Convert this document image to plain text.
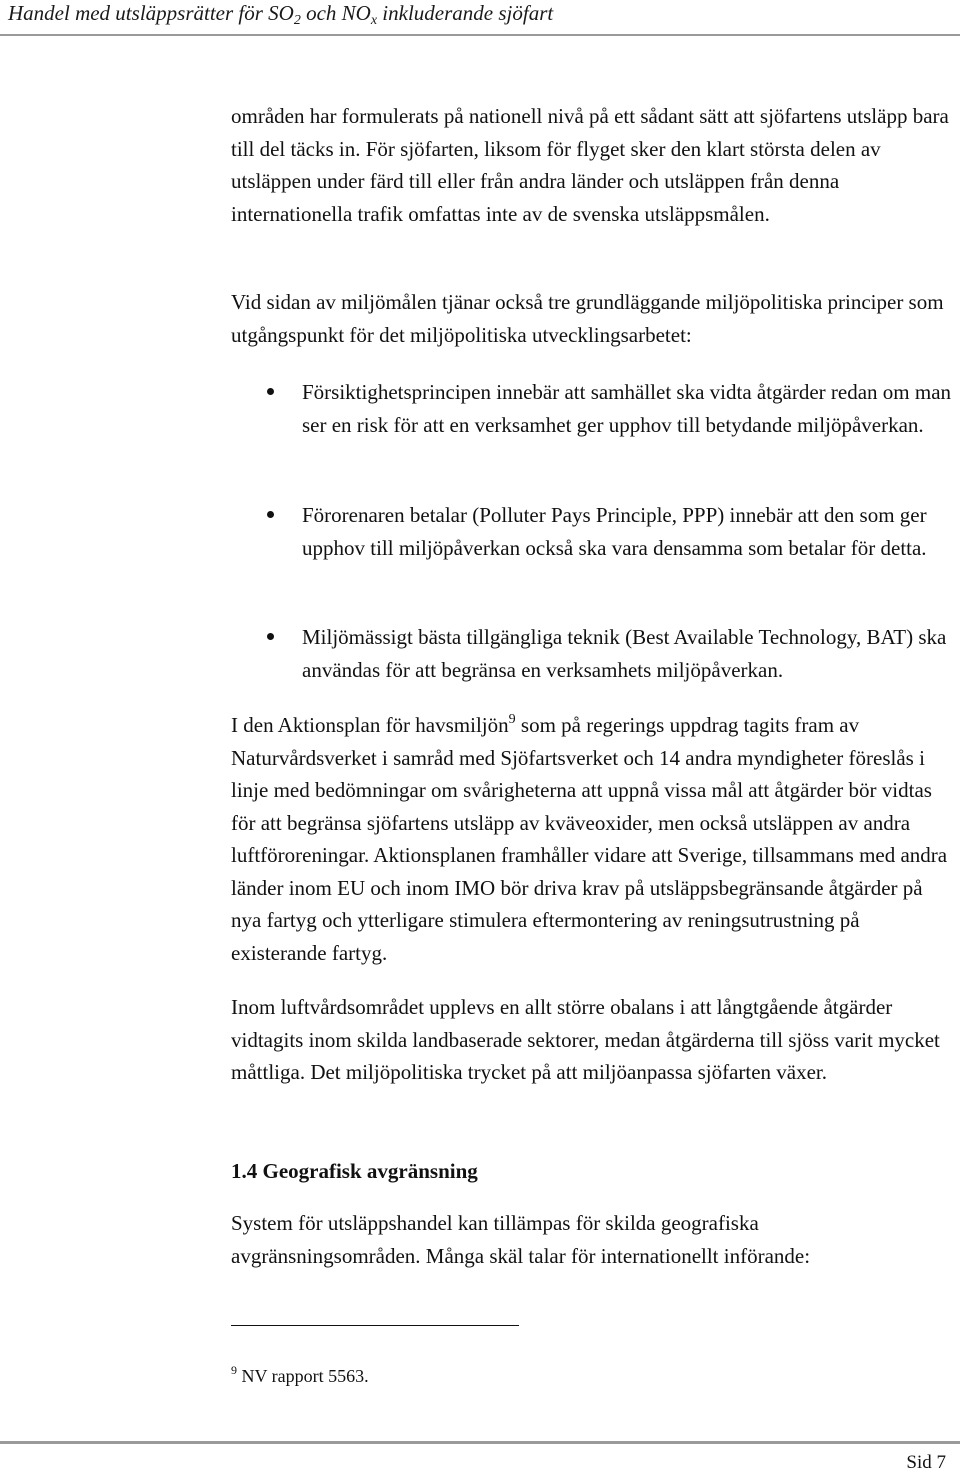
Handel med utsläppsrätter för $SO_2$ och $NO_x$ inkluderande sjöfart

områden har formulerats på nationell nivå på ett sådant sätt att sjöfartens utsläpp bara till del täcks in. För sjöfarten, liksom för flyget sker den klart största delen av utsläppen under färd till eller från andra länder och utsläppen från denna internationella trafik omfattas inte av de svenska utsläppsmålen.

Vid sidan av miljömålen tjänar också tre grundläggande miljöpolitiska principer som utgångspunkt för det miljöpolitiska utvecklingsarbetet:

Försiktighetsprincipen innebär att samhället ska vidta åtgärder redan om man ser en risk för att en verksamhet ger upphov till betydande miljöpåverkan.

Förorenaren betalar (Polluter Pays Principle, PPP) innebär att den som ger upphov till miljöpåverkan också ska vara densamma som betalar för detta.

Miljömässigt bästa tillgängliga teknik (Best Available Technology, BAT) ska användas för att begränsa en verksamhets miljöpåverkan.

I den Aktionsplan för havsmiljön$^9$ som på regerings uppdrag tagits fram av Naturvårdsverket i samråd med Sjöfartsverket och 14 andra myndigheter föreslås i linje med bedömningar om svårigheterna att uppnå vissa mål att åtgärder bör vidtas för att begränsa sjöfartens utsläpp av kväveoxider, men också utsläppen av andra luftföroreningar. Aktionsplanen framhåller vidare att Sverige, tillsammans med andra länder inom EU och inom IMO bör driva krav på utsläppsbegränsande åtgärder på nya fartyg och ytterligare stimulera eftermontering av reningsutrustning på existerande fartyg.

Inom luftvårdsområdet upplevs en allt större obalans i att långtgående åtgärder vidtagits inom skilda landbaserade sektorer, medan åtgärderna till sjöss varit mycket måttliga. Det miljöpolitiska trycket på att miljöanpassa sjöfarten växer.

1.4 Geografisk avgränsning

System för utsläppshandel kan tillämpas för skilda geografiska avgränsningsområden. Många skäl talar för internationellt införande:

$^9$ NV rapport 5563.

Sid 7
